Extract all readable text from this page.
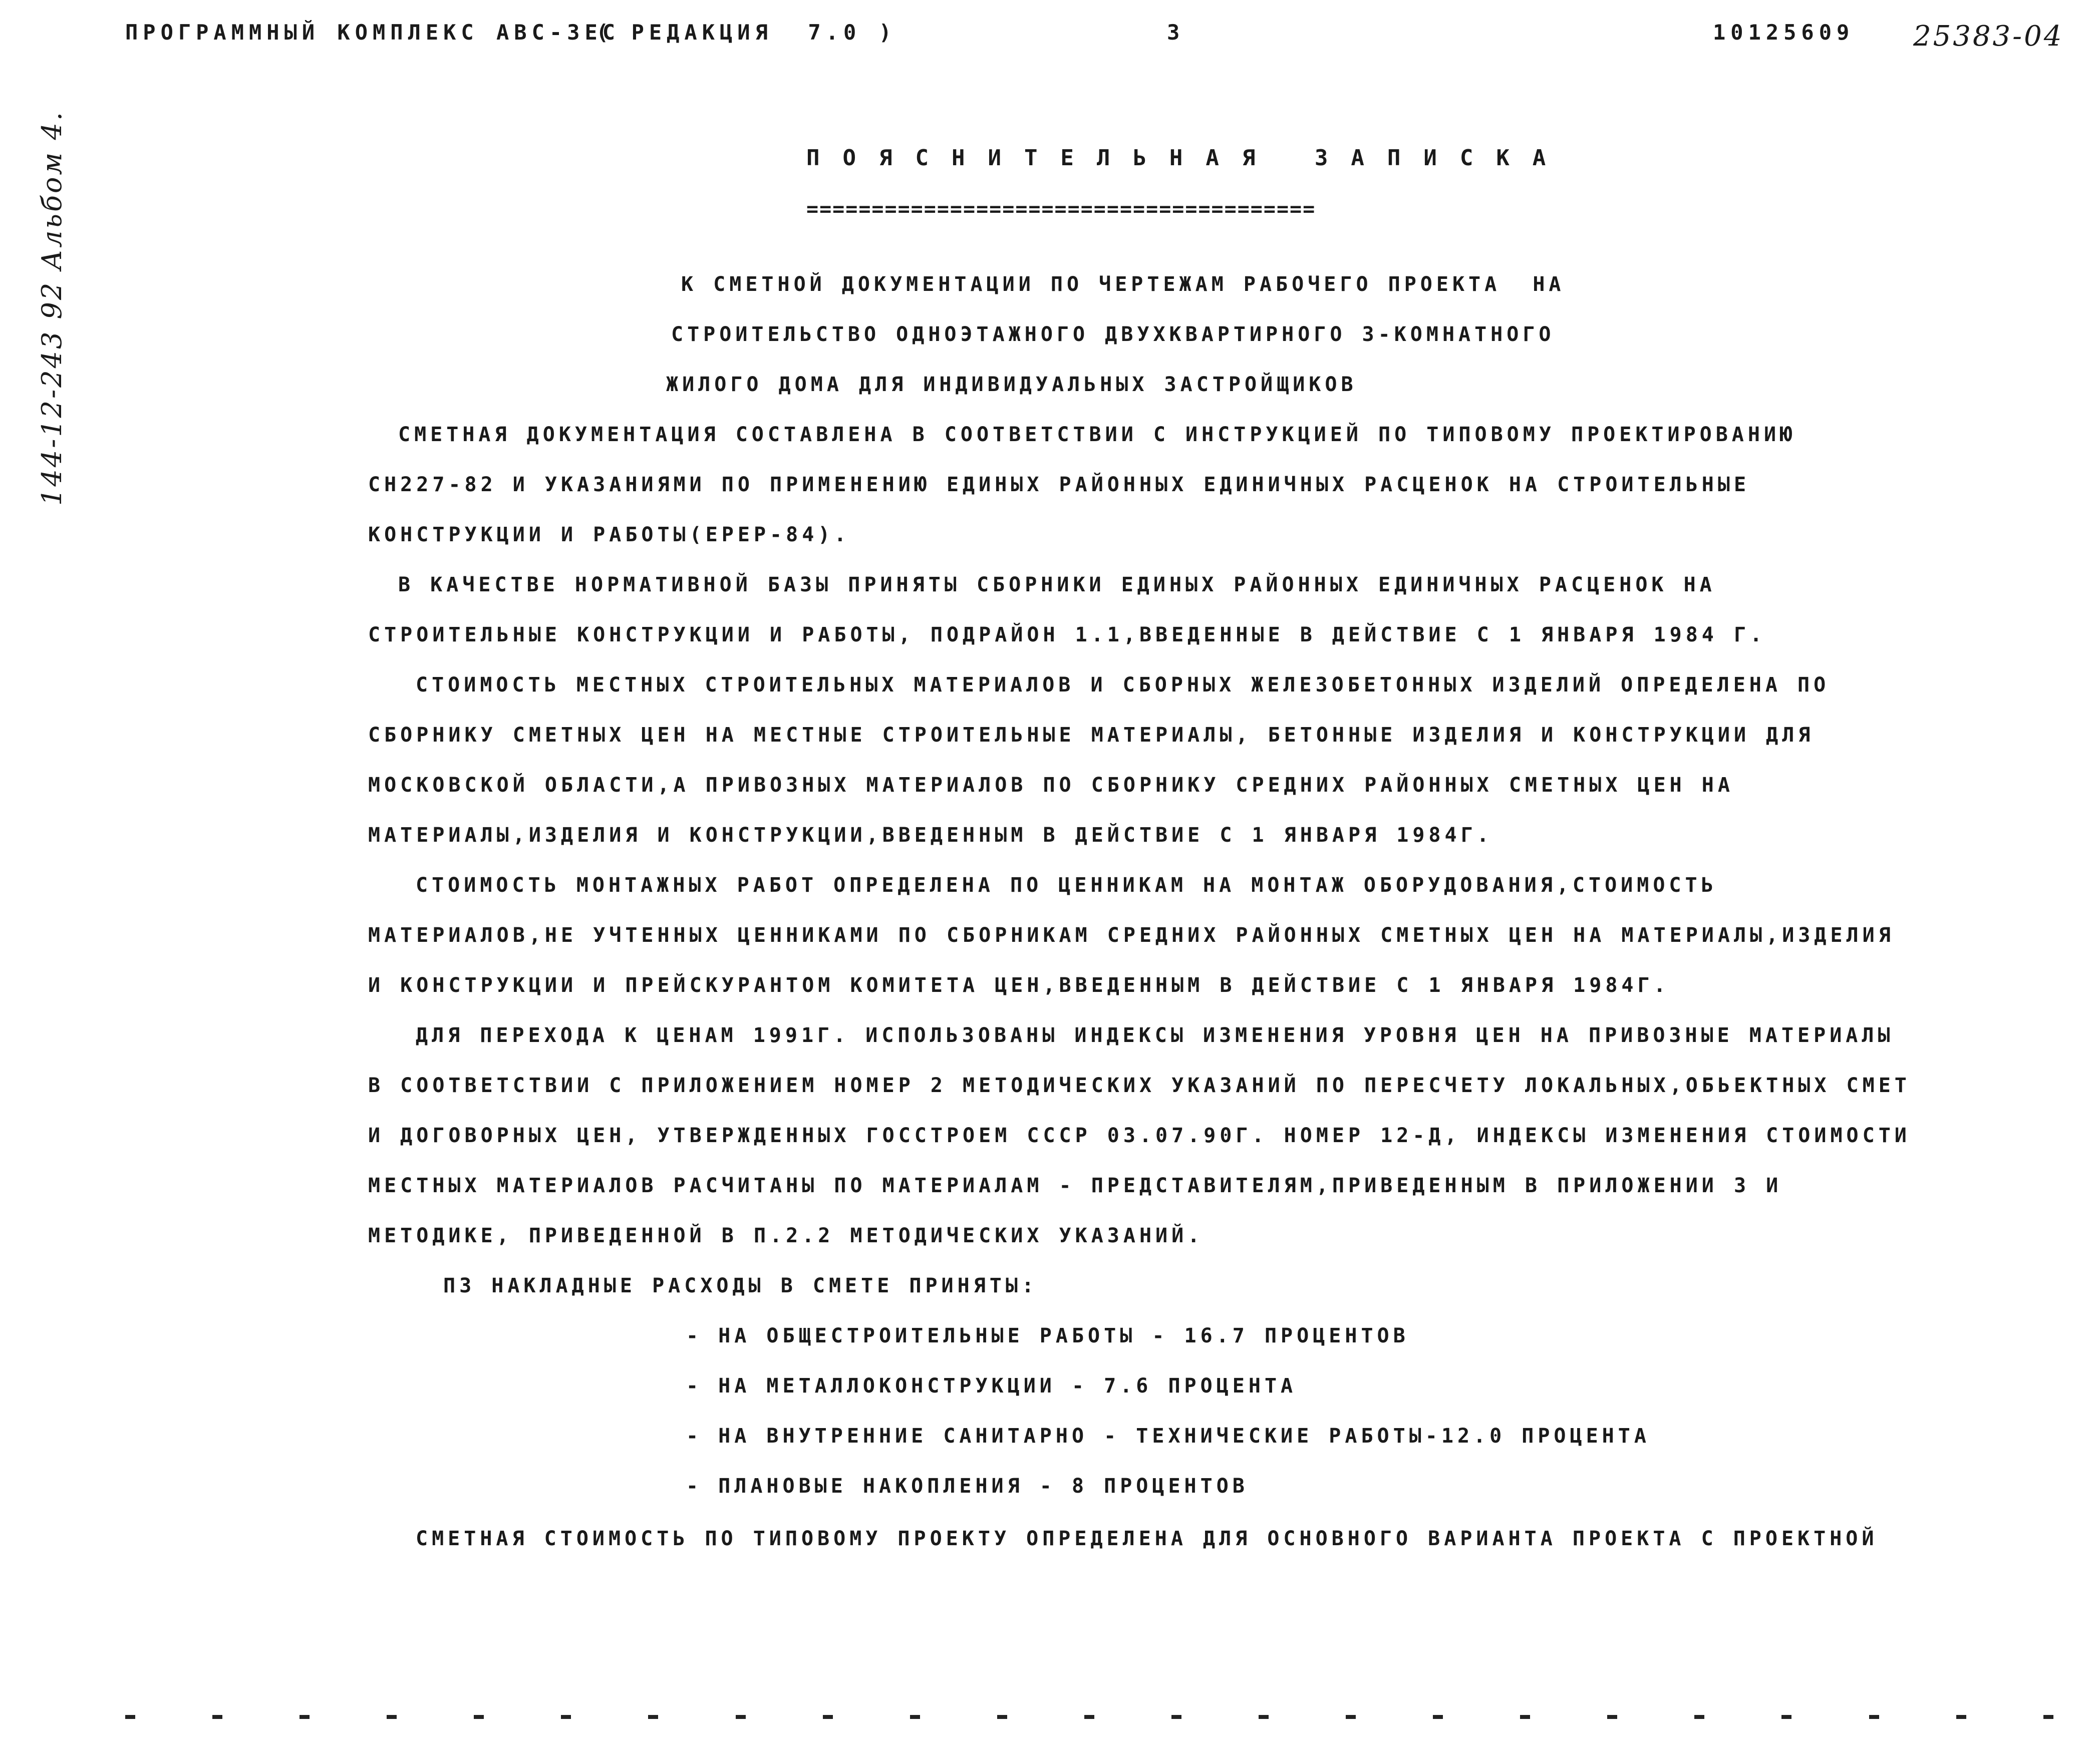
ПРОГРАММНЫЙ КОМПЛЕКС АВС-3ЕС
( РЕДАКЦИЯ  7.0 )	3	10125609 25383-04
144-12-243 92 Альбом 4.	ПОЯСНИТЕЛЬНАЯ ЗАПИСКА
=======================================
К СМЕТНОЙ ДОКУМЕНТАЦИИ ПО ЧЕРТЕЖАМ РАБОЧЕГО ПРОЕКТА  НА
СТРОИТЕЛЬСТВО ОДНОЭТАЖНОГО ДВУХКВАРТИРНОГО 3-КОМНАТНОГО
ЖИЛОГО ДОМА ДЛЯ ИНДИВИДУАЛЬНЫХ ЗАСТРОЙЩИКОВ
СМЕТНАЯ ДОКУМЕНТАЦИЯ СОСТАВЛЕНА В СООТВЕТСТВИИ С ИНСТРУКЦИЕЙ ПО ТИПОВОМУ ПРОЕКТИРОВАНИЮ
СН227-82 И УКАЗАНИЯМИ ПО ПРИМЕНЕНИЮ ЕДИНЫХ РАЙОННЫХ ЕДИНИЧНЫХ РАСЦЕНОК НА СТРОИТЕЛЬНЫЕ
КОНСТРУКЦИИ И РАБОТЫ(ЕРЕР-84).
В КАЧЕСТВЕ НОРМАТИВНОЙ БАЗЫ ПРИНЯТЫ СБОРНИКИ ЕДИНЫХ РАЙОННЫХ ЕДИНИЧНЫХ РАСЦЕНОК НА
СТРОИТЕЛЬНЫЕ КОНСТРУКЦИИ И РАБОТЫ, ПОДРАЙОН 1.1,ВВЕДЕННЫЕ В ДЕЙСТВИЕ С 1 ЯНВАРЯ 1984 Г.
СТОИМОСТЬ МЕСТНЫХ СТРОИТЕЛЬНЫХ МАТЕРИАЛОВ И СБОРНЫХ ЖЕЛЕЗОБЕТОННЫХ ИЗДЕЛИЙ ОПРЕДЕЛЕНА ПО
СБОРНИКУ СМЕТНЫХ ЦЕН НА МЕСТНЫЕ СТРОИТЕЛЬНЫЕ МАТЕРИАЛЫ, БЕТОННЫЕ ИЗДЕЛИЯ И КОНСТРУКЦИИ ДЛЯ
МОСКОВСКОЙ ОБЛАСТИ,А ПРИВОЗНЫХ МАТЕРИАЛОВ ПО СБОРНИКУ СРЕДНИХ РАЙОННЫХ СМЕТНЫХ ЦЕН НА
МАТЕРИАЛЫ,ИЗДЕЛИЯ И КОНСТРУКЦИИ,ВВЕДЕННЫМ В ДЕЙСТВИЕ С 1 ЯНВАРЯ 1984Г.
СТОИМОСТЬ МОНТАЖНЫХ РАБОТ ОПРЕДЕЛЕНА ПО ЦЕННИКАМ НА МОНТАЖ ОБОРУДОВАНИЯ,СТОИМОСТЬ
МАТЕРИАЛОВ,НЕ УЧТЕННЫХ ЦЕННИКАМИ ПО СБОРНИКАМ СРЕДНИХ РАЙОННЫХ СМЕТНЫХ ЦЕН НА МАТЕРИАЛЫ,ИЗДЕЛИЯ
И КОНСТРУКЦИИ И ПРЕЙСКУРАНТОМ КОМИТЕТА ЦЕН,ВВЕДЕННЫМ В ДЕЙСТВИЕ С 1 ЯНВАРЯ 1984Г.
ДЛЯ ПЕРЕХОДА К ЦЕНАМ 1991Г. ИСПОЛЬЗОВАНЫ ИНДЕКСЫ ИЗМЕНЕНИЯ УРОВНЯ ЦЕН НА ПРИВОЗНЫЕ МАТЕРИАЛЫ
В СООТВЕТСТВИИ С ПРИЛОЖЕНИЕМ НОМЕР 2 МЕТОДИЧЕСКИХ УКАЗАНИЙ ПО ПЕРЕСЧЕТУ ЛОКАЛЬНЫХ,ОБЬЕКТНЫХ СМЕТ
И ДОГОВОРНЫХ ЦЕН, УТВЕРЖДЕННЫХ ГОССТРОЕМ СССР 03.07.90Г. НОМЕР 12-Д, ИНДЕКСЫ ИЗМЕНЕНИЯ СТОИМОСТИ
МЕСТНЫХ МАТЕРИАЛОВ РАСЧИТАНЫ ПО МАТЕРИАЛАМ - ПРЕДСТАВИТЕЛЯМ,ПРИВЕДЕННЫМ В ПРИЛОЖЕНИИ 3 И
МЕТОДИКЕ, ПРИВЕДЕННОЙ В П.2.2 МЕТОДИЧЕСКИХ УКАЗАНИЙ.
ПЗ НАКЛАДНЫЕ РАСХОДЫ В СМЕТЕ ПРИНЯТЫ:
- НА ОБЩЕСТРОИТЕЛЬНЫЕ РАБОТЫ - 16.7 ПРОЦЕНТОВ
- НА МЕТАЛЛОКОНСТРУКЦИИ - 7.6 ПРОЦЕНТА
- НА ВНУТРЕННИЕ САНИТАРНО - ТЕХНИЧЕСКИЕ РАБОТЫ-12.0 ПРОЦЕНТА
- ПЛАНОВЫЕ НАКОПЛЕНИЯ - 8 ПРОЦЕНТОВ
СМЕТНАЯ СТОИМОСТЬ ПО ТИПОВОМУ ПРОЕКТУ ОПРЕДЕЛЕНА ДЛЯ ОСНОВНОГО ВАРИАНТА ПРОЕКТА С ПРОЕКТНОЙ
